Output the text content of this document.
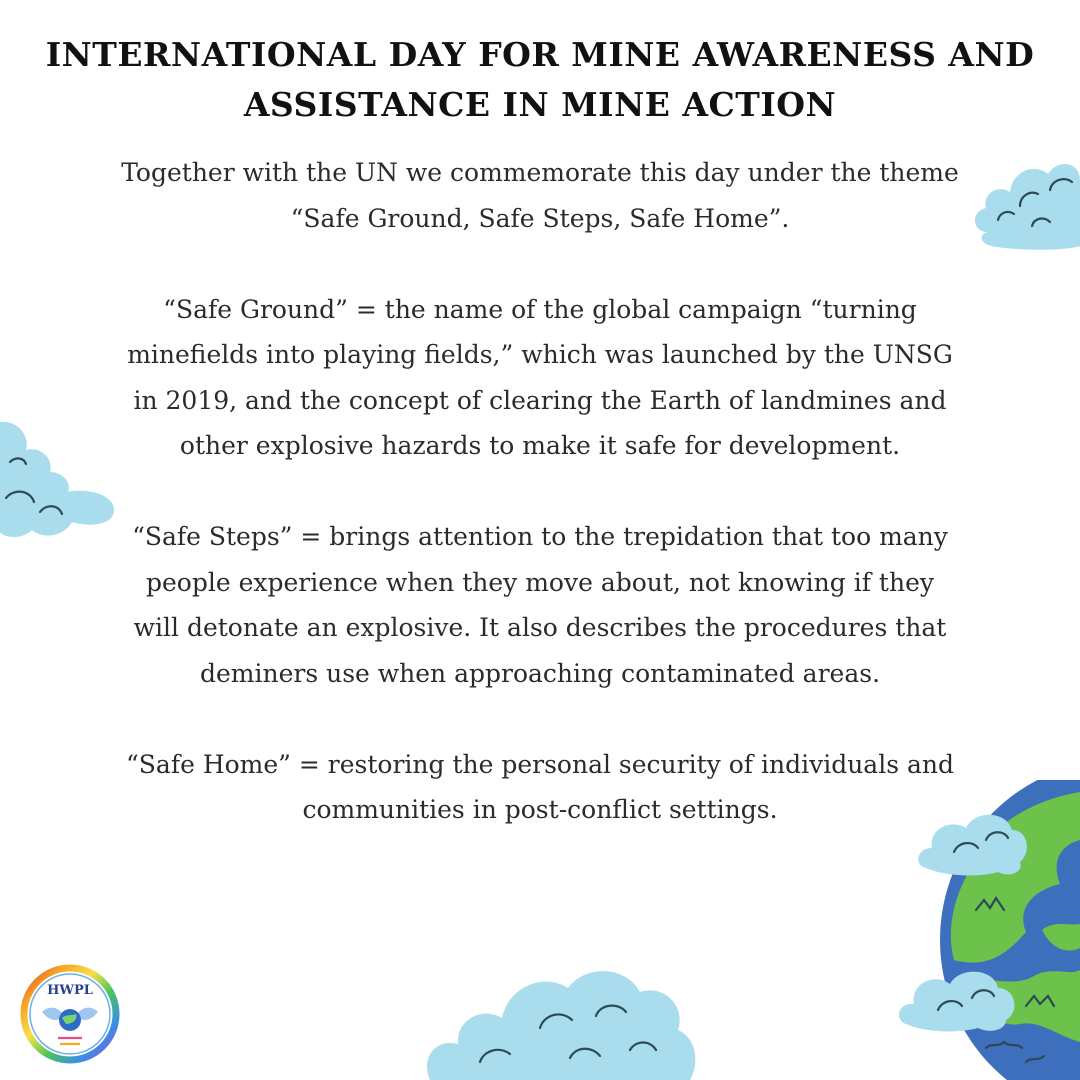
INTERNATIONAL DAY FOR MINE AWARENESS AND
ASSISTANCE IN MINE ACTION

Together with the UN we commemorate this day under the theme “Safe Ground, Safe Steps, Safe Home”.

“Safe Ground” = the name of the global campaign “turning minefields into playing fields,” which was launched by the UNSG in 2019, and the concept of clearing the Earth of landmines and other explosive hazards to make it safe for development.

“Safe Steps” = brings attention to the trepidation that too many people experience when they move about, not knowing if they will detonate an explosive. It also describes the procedures that deminers use when approaching contaminated areas.

“Safe Home” = restoring the personal security of individuals and communities in post-conflict settings.

HWPL
